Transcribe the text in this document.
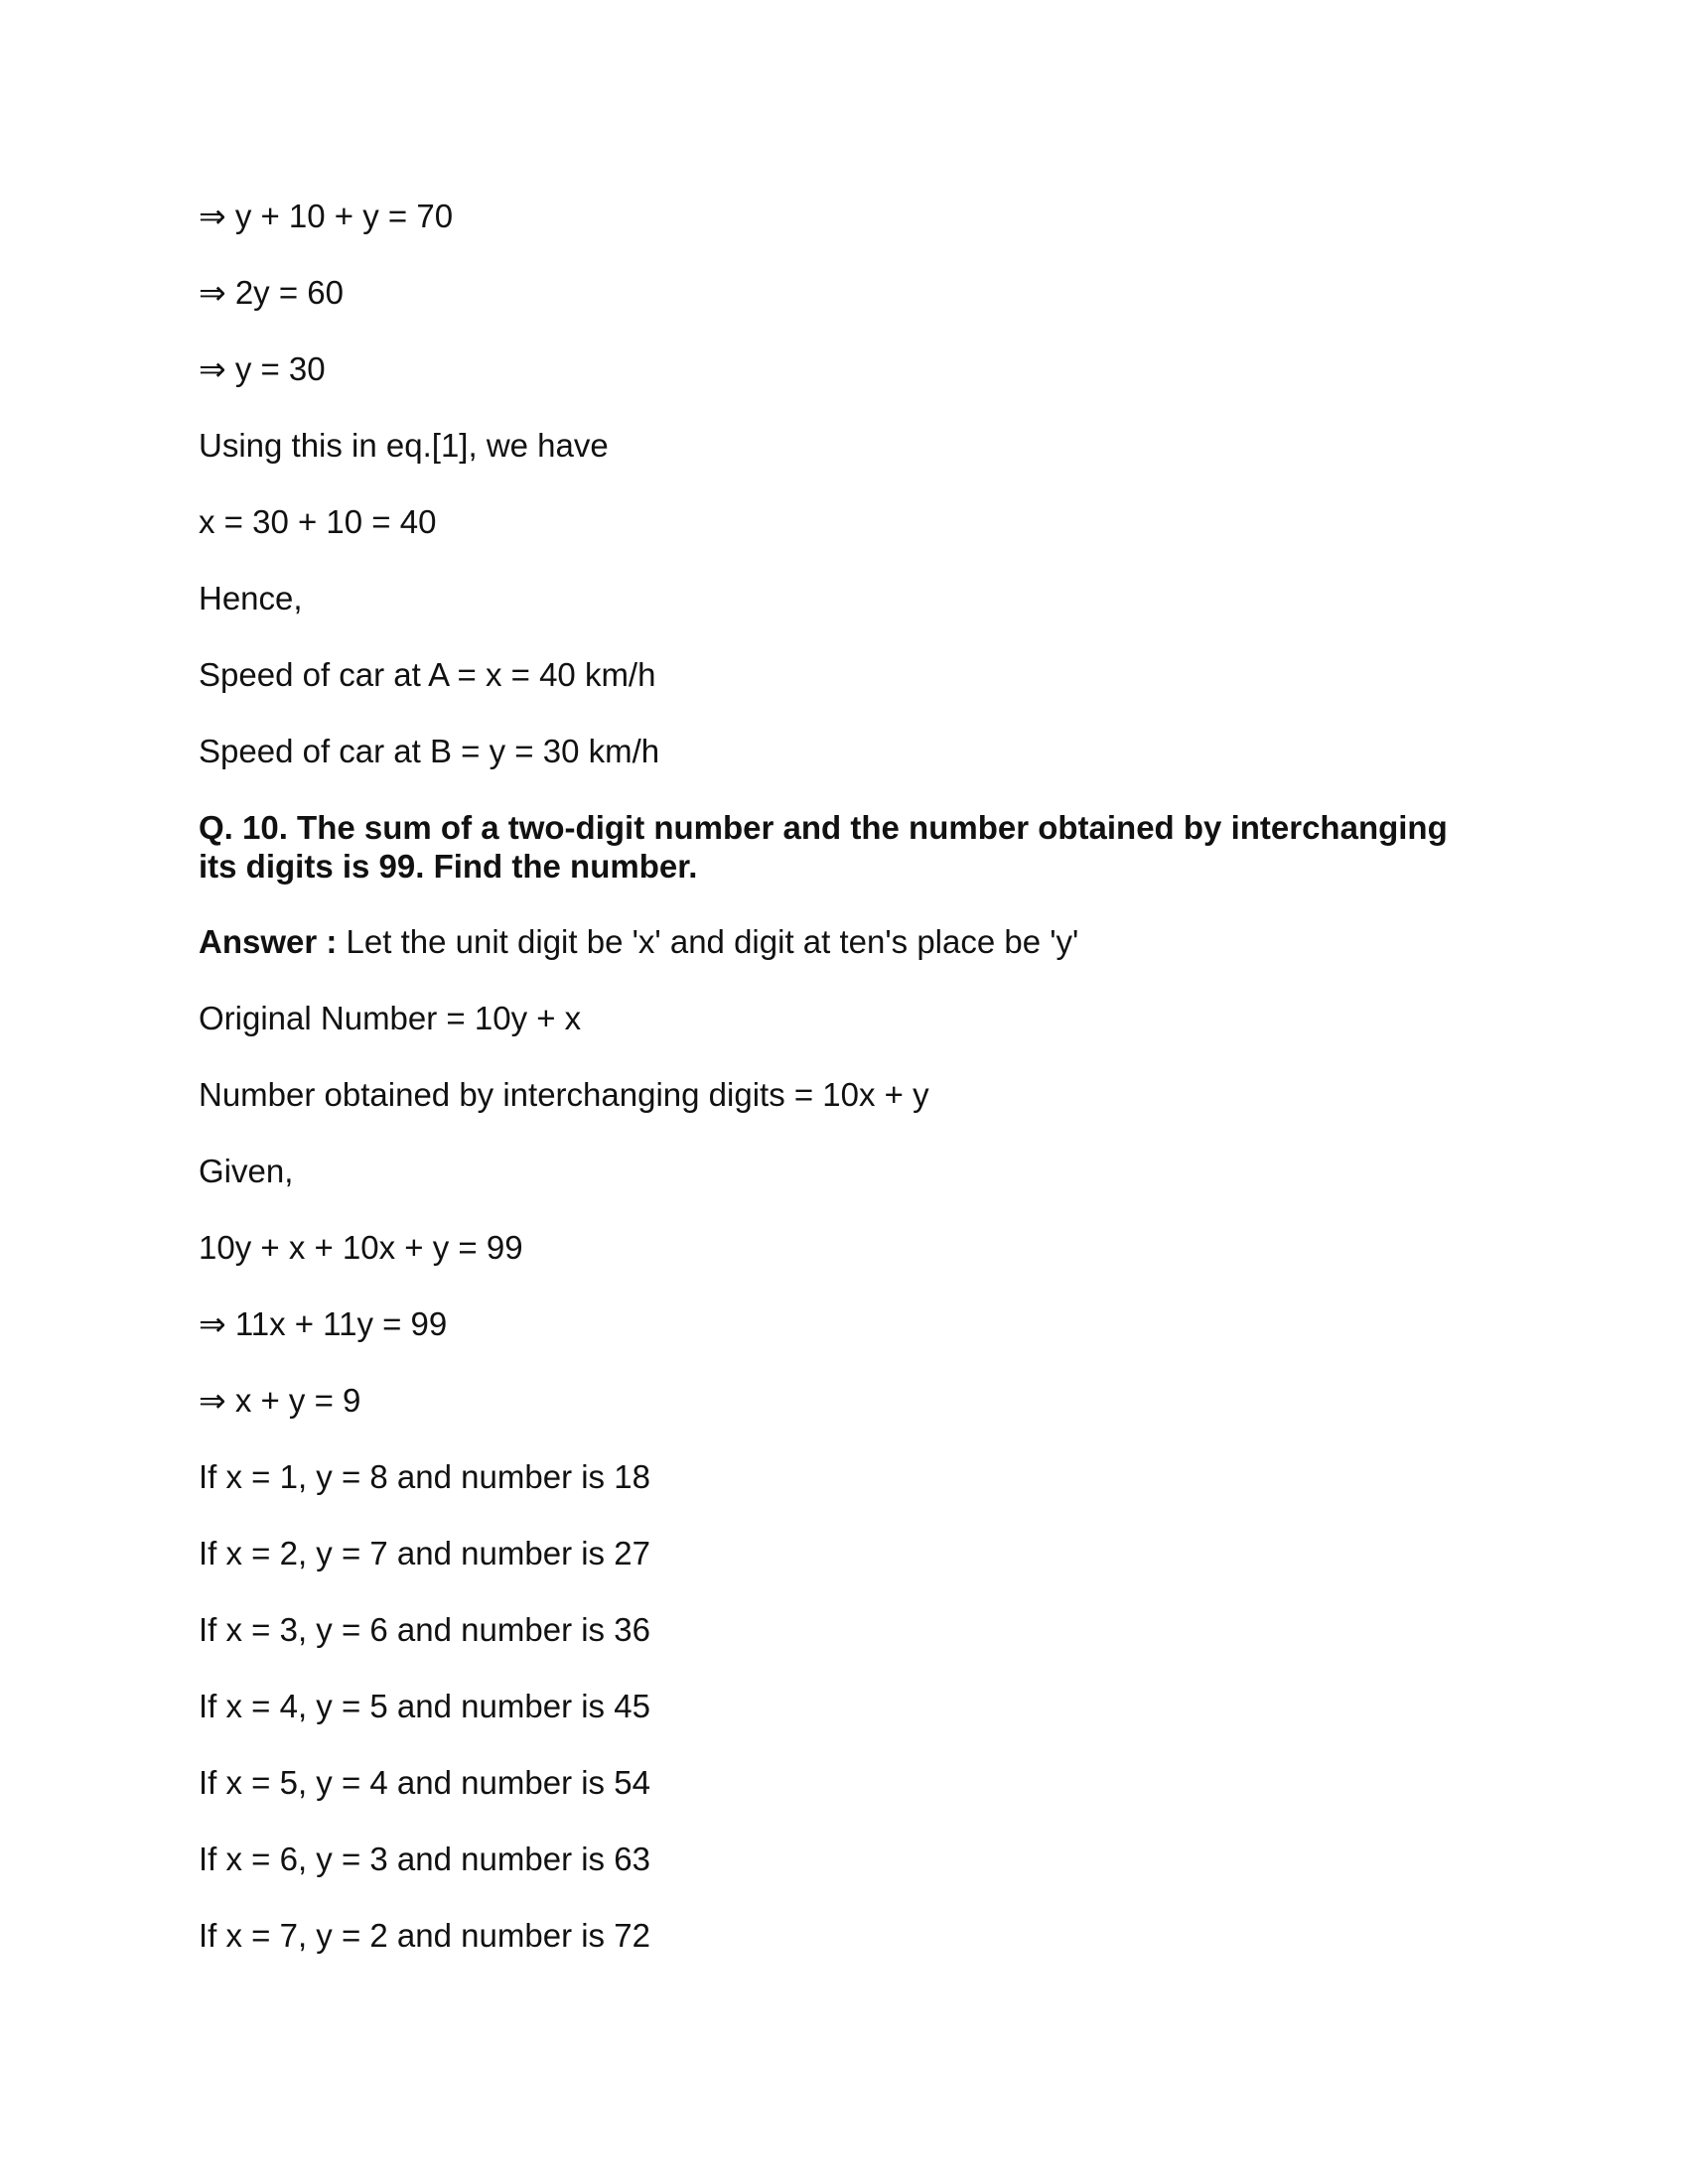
⇒ y + 10 + y = 70
⇒ 2y = 60
⇒ y = 30
Using this in eq.[1], we have
x = 30 + 10 = 40
Hence,
Speed of car at A = x = 40 km/h
Speed of car at B = y = 30 km/h
Q. 10. The sum of a two-digit number and the number obtained by interchanging its digits is 99. Find the number.
Answer : Let the unit digit be 'x' and digit at ten's place be 'y'
Original Number = 10y + x
Number obtained by interchanging digits = 10x + y
Given,
10y + x + 10x + y = 99
⇒ 11x + 11y = 99
⇒ x + y = 9
If x = 1, y = 8 and number is 18
If x = 2, y = 7 and number is 27
If x = 3, y = 6 and number is 36
If x = 4, y = 5 and number is 45
If x = 5, y = 4 and number is 54
If x = 6, y = 3 and number is 63
If x = 7, y = 2 and number is 72
